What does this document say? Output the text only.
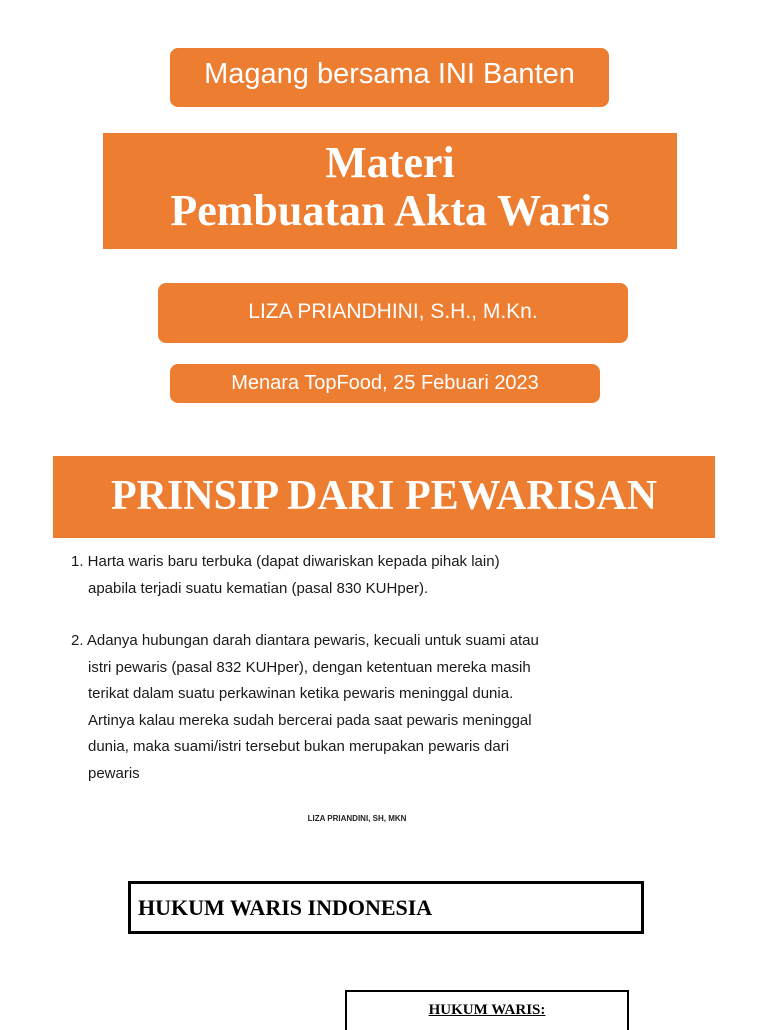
Magang bersama INI Banten
Materi
Pembuatan Akta Waris
LIZA PRIANDHINI, S.H., M.Kn.
Menara TopFood, 25 Febuari 2023
PRINSIP DARI PEWARISAN
1. Harta waris baru terbuka (dapat diwariskan kepada pihak lain)
apabila terjadi suatu kematian (pasal 830 KUHper).
2. Adanya hubungan darah diantara pewaris, kecuali untuk suami atau
istri pewaris (pasal 832 KUHper), dengan ketentuan mereka masih
terikat dalam suatu perkawinan ketika pewaris meninggal dunia.
Artinya kalau mereka sudah bercerai pada saat pewaris meninggal
dunia, maka suami/istri tersebut bukan merupakan pewaris dari
pewaris
LIZA PRIANDINI, SH, MKN
HUKUM WARIS INDONESIA
HUKUM WARIS:
